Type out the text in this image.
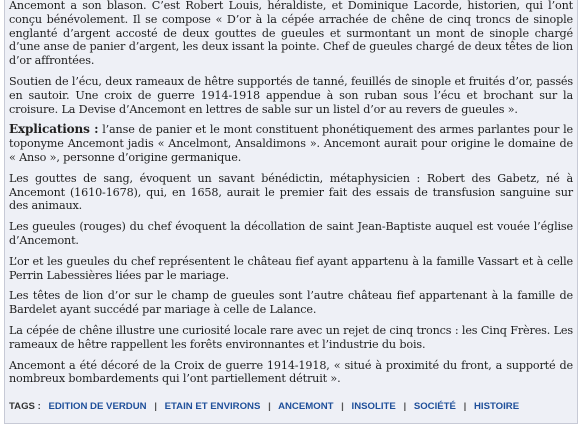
Ancemont a son blason. C’est Robert Louis, héraldiste, et Dominique Lacorde, historien, qui l’ont conçu bénévolement. Il se compose « D’or à la cépée arrachée de chêne de cinq troncs de sinople englanté d’argent accosté de deux gouttes de gueules et surmontant un mont de sinople chargé d’une anse de panier d’argent, les deux issant la pointe. Chef de gueules chargé de deux têtes de lion d’or affrontées.

Soutien de l’écu, deux rameaux de hêtre supportés de tanné, feuillés de sinople et fruités d’or, passés en sautoir. Une croix de guerre 1914-1918 appendue à son ruban sous l’écu et brochant sur la croisure. La Devise d’Ancemont en lettres de sable sur un listel d’or au revers de gueules ».

Explications : l’anse de panier et le mont constituent phonétiquement des armes parlantes pour le toponyme Ancemont jadis « Ancelmont, Ansaldimons ». Ancemont aurait pour origine le domaine de « Anso », personne d’origine germanique.

Les gouttes de sang, évoquent un savant bénédictin, métaphysicien : Robert des Gabetz, né à Ancemont (1610-1678), qui, en 1658, aurait le premier fait des essais de transfusion sanguine sur des animaux.

Les gueules (rouges) du chef évoquent la décollation de saint Jean-Baptiste auquel est vouée l’église d’Ancemont.

L’or et les gueules du chef représentent le château fief ayant appartenu à la famille Vassart et à celle Perrin Labessières liées par le mariage.

Les têtes de lion d’or sur le champ de gueules sont l’autre château fief appartenant à la famille de Bardelet ayant succédé par mariage à celle de Lalance.

La cépée de chêne illustre une curiosité locale rare avec un rejet de cinq troncs : les Cinq Frères. Les rameaux de hêtre rappellent les forêts environnantes et l’industrie du bois.

Ancemont a été décoré de la Croix de guerre 1914-1918, « situé à proximité du front, a supporté de nombreux bombardements qui l’ont partiellement détruit ».

TAGS : EDITION DE VERDUN | ETAIN ET ENVIRONS | ANCEMONT | INSOLITE | SOCIÉTÉ | HISTOIRE
